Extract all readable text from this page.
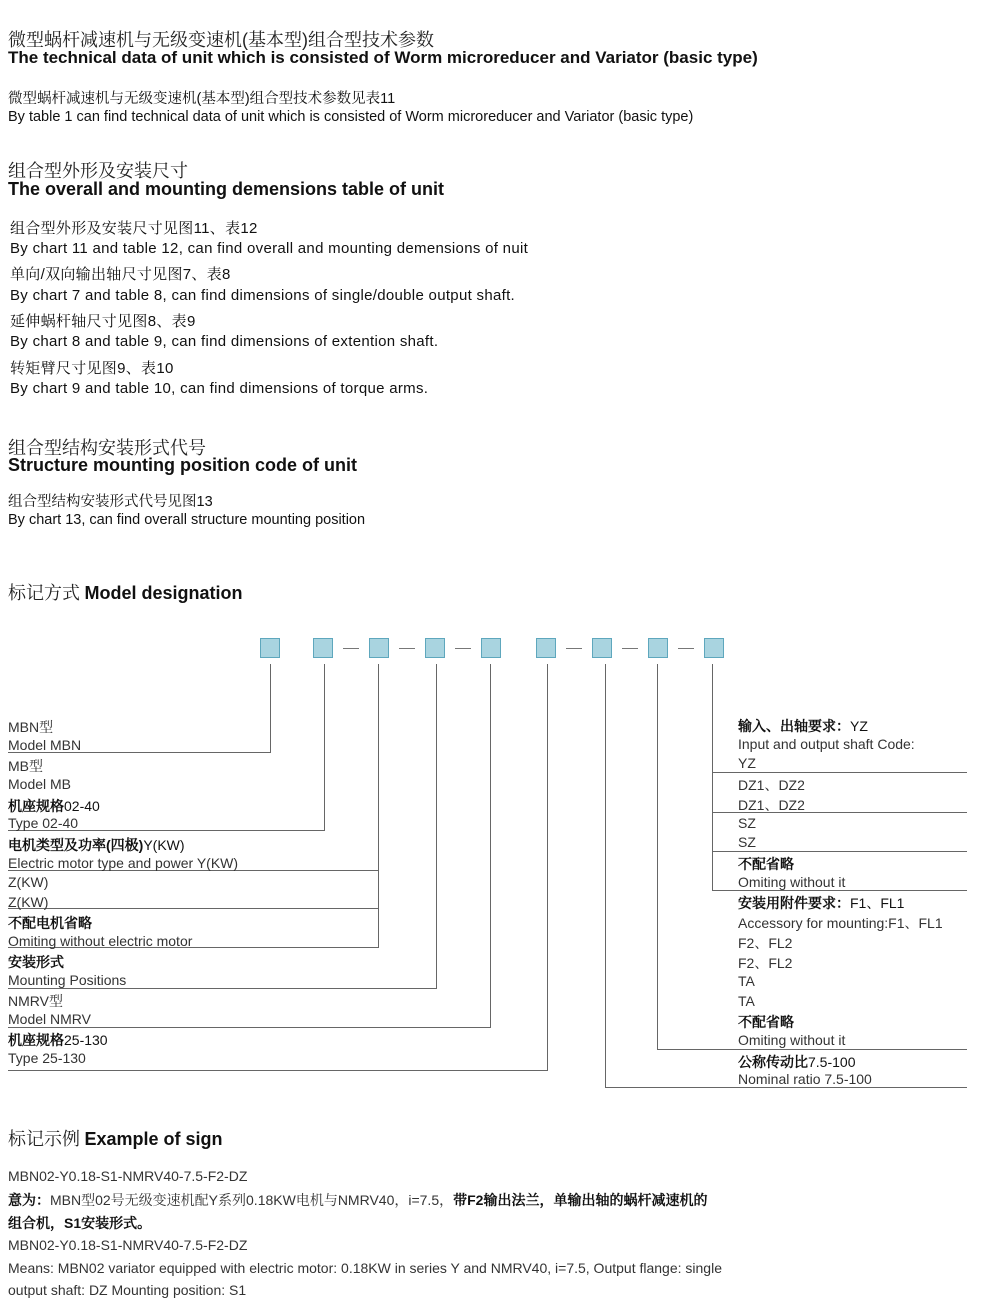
微型蜗杆减速机与无级变速机(基本型)组合型技术参数
The technical data of unit which is consisted of Worm microreducer and Variator (basic type)
微型蜗杆减速机与无级变速机(基本型)组合型技术参数见表11
By table 1 can find technical data of unit which is consisted of Worm microreducer and Variator (basic type)
组合型外形及安装尺寸
The overall and mounting demensions table of unit
组合型外形及安装尺寸见图11、表12
By chart 11 and table 12, can find overall and mounting demensions of nuit
单向/双向输出轴尺寸见图7、表8
By chart 7 and table 8, can find dimensions of single/double output shaft.
延伸蜗杆轴尺寸见图8、表9
By chart 8 and table 9, can find dimensions of extention shaft.
转矩臂尺寸见图9、表10
By chart 9 and table 10, can find dimensions of torque arms.
组合型结构安装形式代号
Structure mounting position code of unit
组合型结构安装形式代号见图13
By chart 13, can find overall structure mounting position
标记方式 Model designation
MBN型
Model MBN
MB型
Model MB
机座规格02-40
Type 02-40
电机类型及功率(四极)Y(KW)
Electric motor type and power Y(KW)
Z(KW)
Z(KW)
不配电机省略
Omiting without electric motor
安装形式
Mounting Positions
NMRV型
Model NMRV
机座规格25-130
Type 25-130
输入、出轴要求：YZ
Input and output shaft Code:
YZ
DZ1、DZ2
DZ1、DZ2
SZ
SZ
不配省略
Omiting without it
安装用附件要求：F1、FL1
Accessory for mounting:F1、FL1
F2、FL2
F2、FL2
TA
TA
不配省略
Omiting without it
公称传动比7.5-100
Nominal ratio 7.5-100
标记示例 Example of sign
MBN02-Y0.18-S1-NMRV40-7.5-F2-DZ
意为：MBN型02号无级变速机配Y系列0.18KW电机与NMRV40，i=7.5，带F2输出法兰，单输出轴的蜗杆减速机的
组合机，S1安装形式。
MBN02-Y0.18-S1-NMRV40-7.5-F2-DZ
Means: MBN02 variator equipped with electric motor: 0.18KW in series Y and NMRV40, i=7.5, Output flange: single
output shaft: DZ Mounting position: S1
